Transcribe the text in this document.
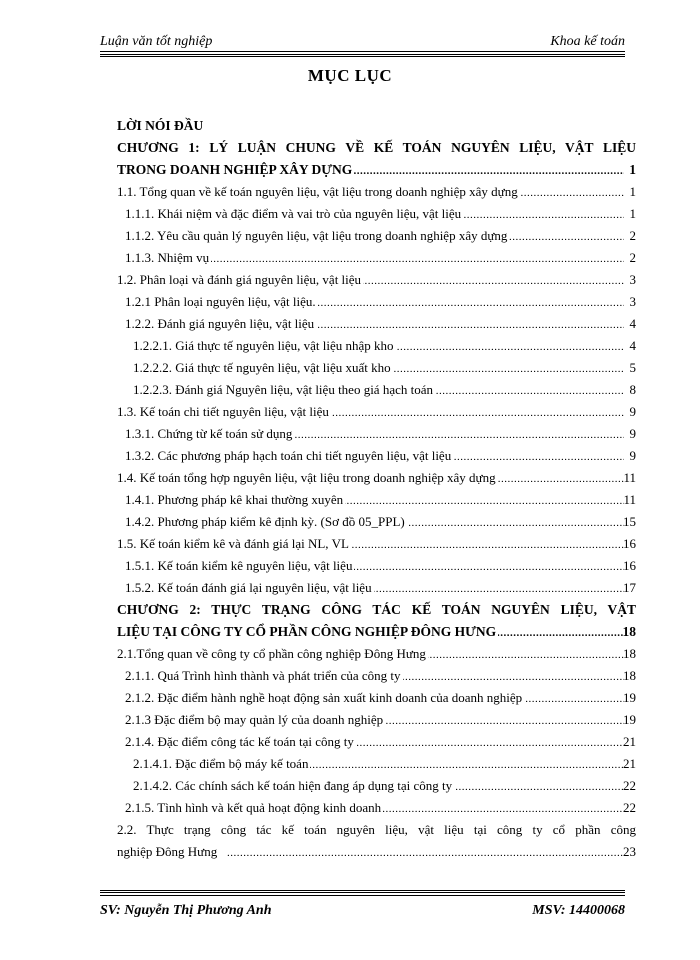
Luận văn tốt nghiệp	Khoa kế toán
MỤC LỤC
LỜI NÓI ĐẦU
CHƯƠNG 1: LÝ LUẬN CHUNG VỀ KẾ TOÁN NGUYÊN LIỆU, VẬT LIỆU
.....
TRONG DOANH NGHIỆP XÂY DỰNG	1
.....
1.1. Tổng quan về kế toán nguyên liệu, vật liệu trong doanh nghiệp xây dựng	1
.....
1.1.1. Khái niệm và đặc điểm và vai trò của nguyên liệu, vật liệu	1
.....
1.1.2. Yêu cầu quản lý nguyên liệu, vật liệu trong doanh nghiệp xây dựng	2
.....
1.1.3. Nhiệm vụ	2
.....
1.2. Phân loại và đánh giá nguyên liệu, vật liệu	3
.....
1.2.1 Phân loại nguyên liệu, vật liệu.	3
.....
1.2.2. Đánh giá nguyên liệu, vật liệu	4
.....
1.2.2.1. Giá thực tế nguyên liệu, vật liệu nhập kho	4
.....
1.2.2.2. Giá thực tế nguyên liệu, vật liệu xuất kho	5
.....
1.2.2.3. Đánh giá Nguyên liệu, vật liệu theo giá hạch toán	8
.....
1.3. Kế toán chi tiết nguyên liệu, vật liệu	9
.....
1.3.1. Chứng từ kế toán sử dụng	9
.....
1.3.2. Các phương pháp hạch toán chi tiết nguyên liệu, vật liệu	9
.....
1.4. Kế toán tổng hợp nguyên liệu, vật liệu trong doanh nghiệp xây dựng	11
.....
1.4.1. Phương pháp kê khai thường xuyên	11
.....
1.4.2. Phương pháp kiểm kê định kỳ. (Sơ đồ 05_PPL)	15
.....
1.5. Kế toán kiểm kê và đánh giá lại NL, VL	16
.....
1.5.1. Kế toán kiểm kê nguyên liệu, vật liệu	16
.....
1.5.2. Kế toán đánh giá lại nguyên liệu, vật liệu	17
CHƯƠNG 2: THỰC TRẠNG CÔNG TÁC KẾ TOÁN NGUYÊN LIỆU, VẬT
.....
LIỆU TẠI CÔNG TY CỔ PHẦN CÔNG NGHIỆP ĐÔNG HƯNG	18
.....
2.1.Tổng quan về công ty cổ phần công nghiệp Đông Hưng	18
.....
2.1.1. Quá Trình hình thành và phát triển của công ty	18
.....
2.1.2. Đặc điểm hành nghề hoạt động sản xuất kinh doanh của doanh nghiệp	19
.....
2.1.3 Đặc điểm bộ may quản lý của doanh nghiệp	19
.....
2.1.4. Đặc điểm công tác kế toán tại công ty	21
.....
2.1.4.1. Đặc điểm bộ máy kế toán	21
.....
2.1.4.2. Các chính sách kế toán hiện đang áp dụng tại công ty	22
.....
2.1.5. Tình hình và kết quả hoạt động kinh doanh	22
2.2. Thực trạng công tác kế toán nguyên liệu, vật liệu tại công ty cổ phần công
.....
nghiệp Đông Hưng	23
SV: Nguyễn Thị Phương Anh	MSV: 14400068
